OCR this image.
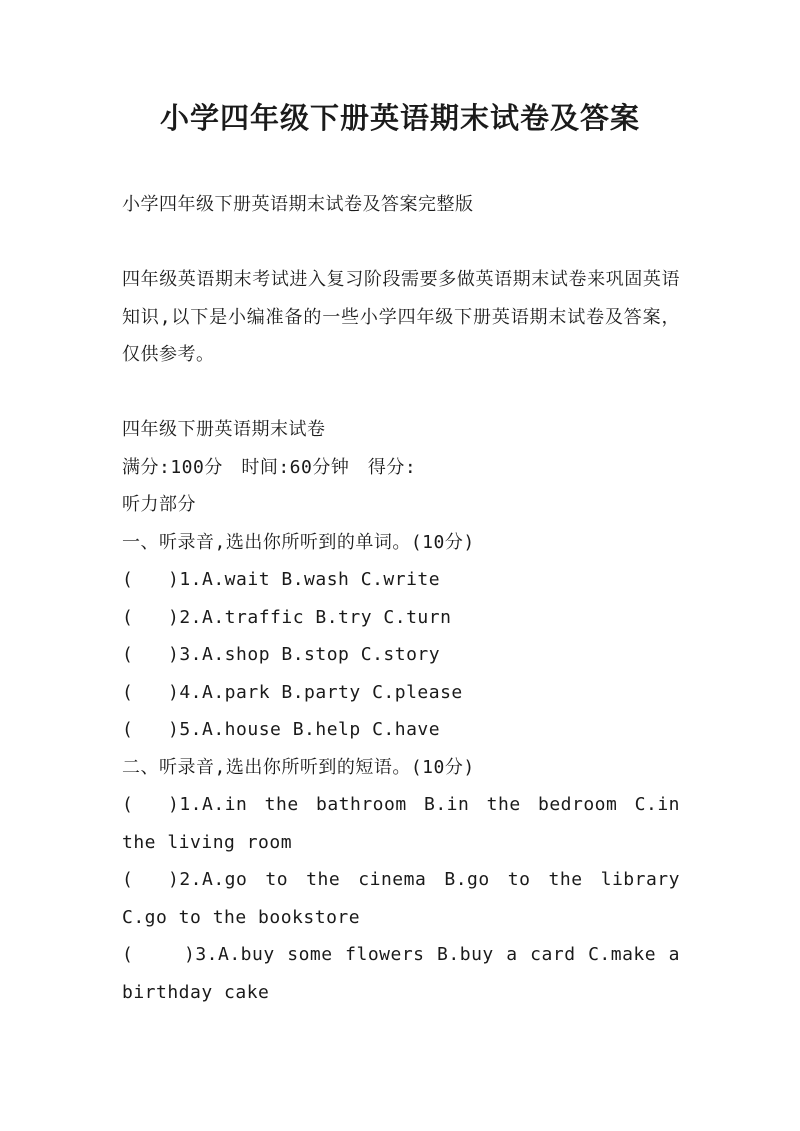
小学四年级下册英语期末试卷及答案

小学四年级下册英语期末试卷及答案完整版

四年级英语期末考试进入复习阶段需要多做英语期末试卷来巩固英语知识,以下是小编准备的一些小学四年级下册英语期末试卷及答案，仅供参考。

四年级下册英语期末试卷

满分:100分　时间:60分钟　得分:

听力部分

一、听录音,选出你所听到的单词。(10分)

( )1.A.wait B.wash C.write

( )2.A.traffic B.try C.turn

( )3.A.shop B.stop C.story

( )4.A.park B.party C.please

( )5.A.house B.help C.have

二、听录音,选出你所听到的短语。(10分)

( )1.A.in the bathroom B.in the bedroom C.in the living room

( )2.A.go to the cinema B.go to the library C.go to the bookstore

(	)3.A.buy some flowers B.buy a card C.make a birthday cake
